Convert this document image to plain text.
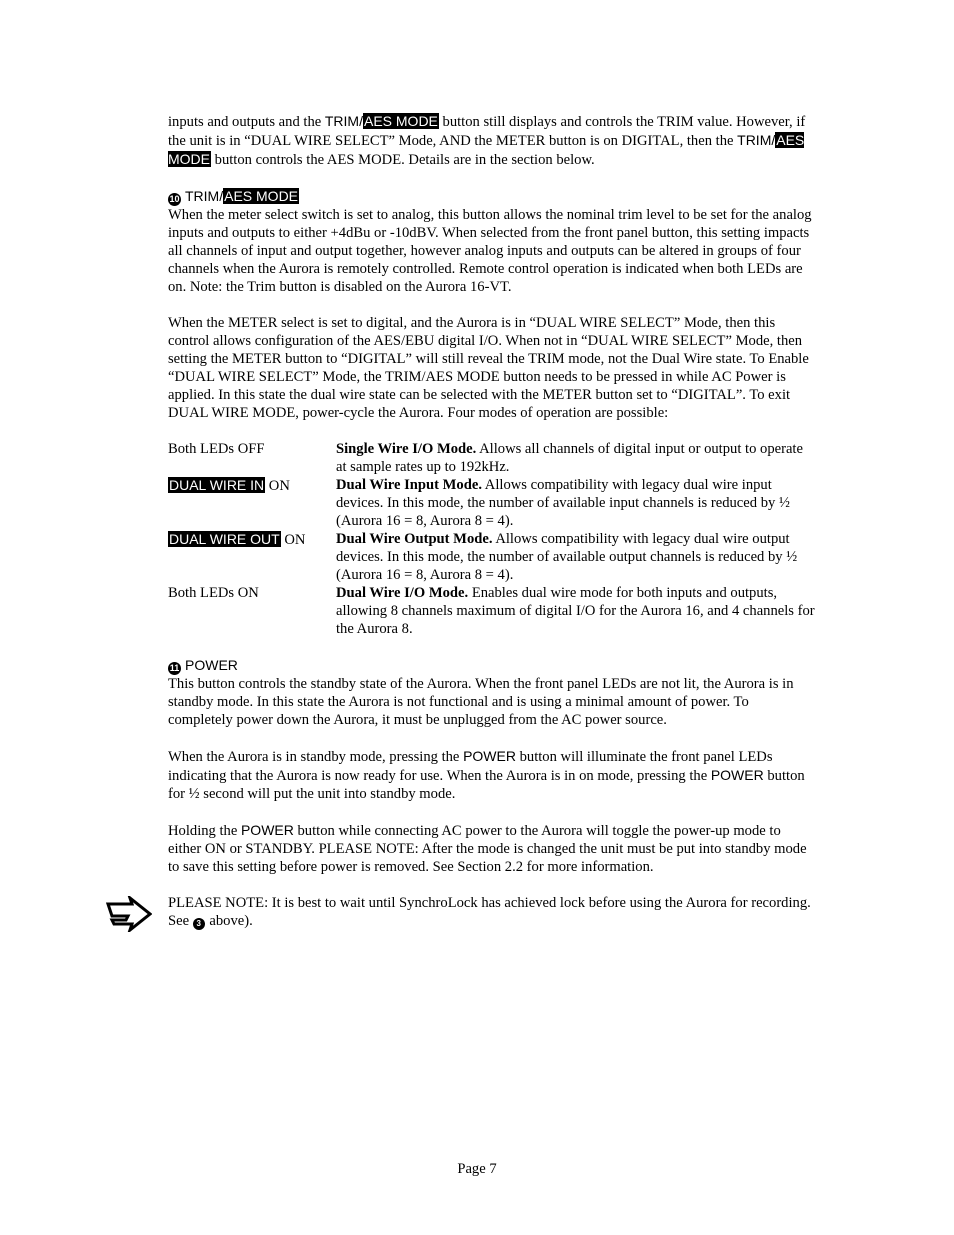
inputs and outputs and the TRIM/AES MODE button still displays and controls the TRIM value. However, if the unit is in “DUAL WIRE SELECT” Mode, AND the METER button is on DIGITAL, then the TRIM/AES MODE button controls the AES MODE. Details are in the section below.

10 TRIM/AES MODE

When the meter select switch is set to analog, this button allows the nominal trim level to be set for the analog inputs and outputs to either +4dBu or -10dBV. When selected from the front panel button, this setting impacts all channels of input and output together, however analog inputs and outputs can be altered in groups of four channels when the Aurora is remotely controlled. Remote control operation is indicated when both LEDs are on. Note: the Trim button is disabled on the Aurora 16-VT.

When the METER select is set to digital, and the Aurora is in “DUAL WIRE SELECT” Mode, then this control allows configuration of the AES/EBU digital I/O. When not in “DUAL WIRE SELECT” Mode, then setting the METER button to “DIGITAL” will still reveal the TRIM mode, not the Dual Wire state. To Enable “DUAL WIRE SELECT” Mode, the TRIM/AES MODE button needs to be pressed in while AC Power is applied. In this state the dual wire state can be selected with the METER button set to “DIGITAL”. To exit DUAL WIRE MODE, power-cycle the Aurora. Four modes of operation are possible:

Both LEDs OFF	Single Wire I/O Mode. Allows all channels of digital input or output to operate at sample rates up to 192kHz.
DUAL WIRE IN ON	Dual Wire Input Mode. Allows compatibility with legacy dual wire input devices. In this mode, the number of available input channels is reduced by ½ (Aurora 16 = 8, Aurora 8 = 4).
DUAL WIRE OUT ON	Dual Wire Output Mode. Allows compatibility with legacy dual wire output devices. In this mode, the number of available output channels is reduced by ½ (Aurora 16 = 8, Aurora 8 = 4).
Both LEDs ON	Dual Wire I/O Mode. Enables dual wire mode for both inputs and outputs, allowing 8 channels maximum of digital I/O for the Aurora 16, and 4 channels for the Aurora 8.
11 POWER

This button controls the standby state of the Aurora. When the front panel LEDs are not lit, the Aurora is in standby mode. In this state the Aurora is not functional and is using a minimal amount of power. To completely power down the Aurora, it must be unplugged from the AC power source.

When the Aurora is in standby mode, pressing the POWER button will illuminate the front panel LEDs indicating that the Aurora is now ready for use. When the Aurora is in on mode, pressing the POWER button for ½ second will put the unit into standby mode.

Holding the POWER button while connecting AC power to the Aurora will toggle the power-up mode to either ON or STANDBY. PLEASE NOTE: After the mode is changed the unit must be put into standby mode to save this setting before power is removed. See Section 2.2 for more information.

PLEASE NOTE: It is best to wait until SynchroLock has achieved lock before using the Aurora for recording. See 3 above).

Page 7
